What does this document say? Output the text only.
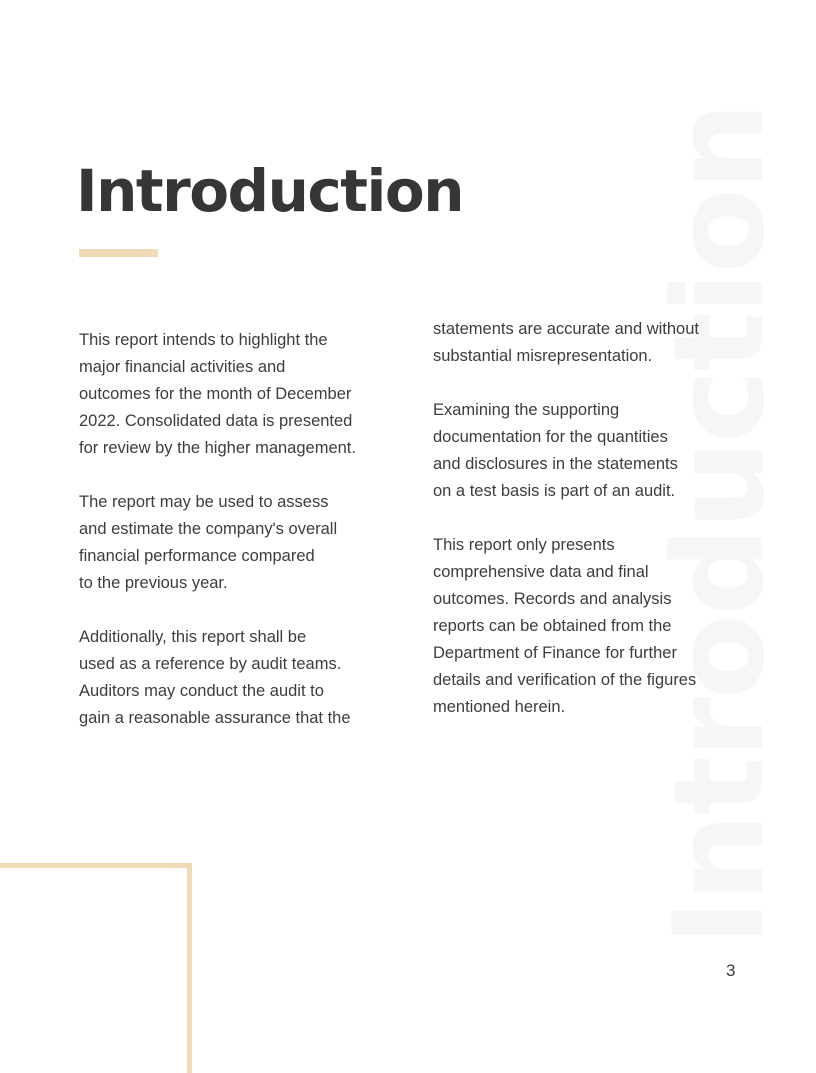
Introduction
Introduction

This report intends to highlight the
major financial activities and
outcomes for the month of December
2022. Consolidated data is presented
for review by the higher management.

The report may be used to assess
and estimate the company's overall
financial performance compared
to the previous year.

Additionally, this report shall be
used as a reference by audit teams.
Auditors may conduct the audit to
gain a reasonable assurance that the

statements are accurate and without
substantial misrepresentation.

Examining the supporting
documentation for the quantities
and disclosures in the statements
on a test basis is part of an audit.

This report only presents
comprehensive data and final
outcomes. Records and analysis
reports can be obtained from the
Department of Finance for further
details and verification of the figures
mentioned herein.

3
